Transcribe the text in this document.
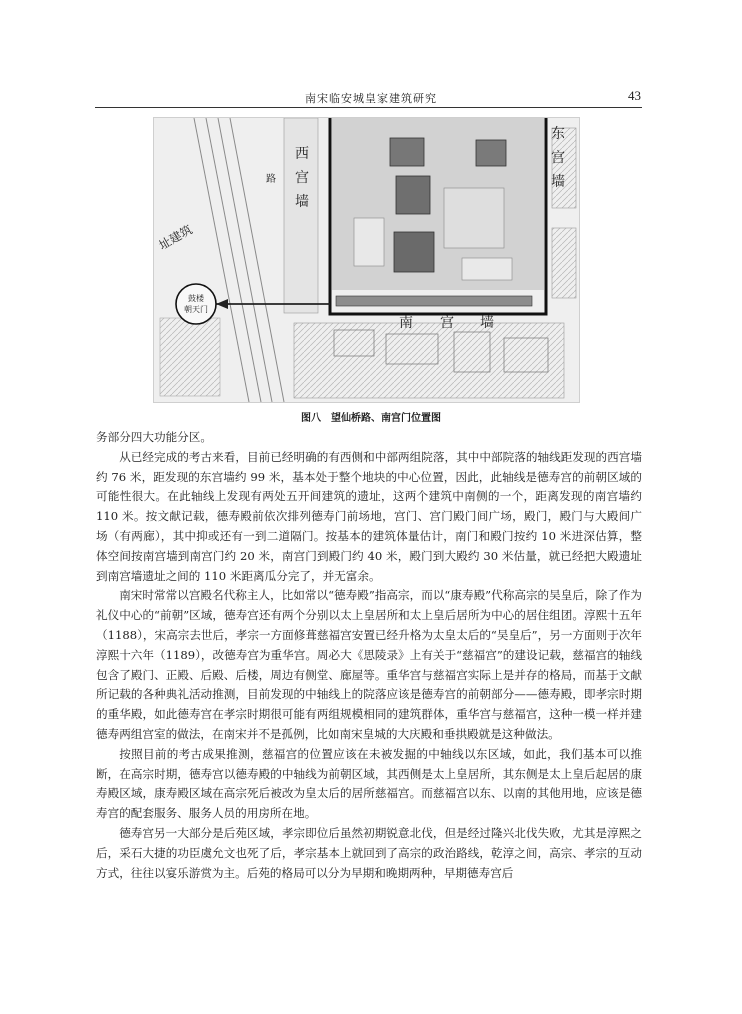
南宋临安城皇家建筑研究	43
鼓楼
朝天门
西
宫
墙
东
宫
墙
南 宫 墙
路
址建筑
图八　望仙桥路、南宫门位置图

务部分四大功能分区。

从已经完成的考古来看，目前已经明确的有西侧和中部两组院落，其中中部院落的轴线距发现的西宫墙约 76 米，距发现的东宫墙约 99 米，基本处于整个地块的中心位置，因此，此轴线是德寿宫的前朝区域的可能性很大。在此轴线上发现有两处五开间建筑的遗址，这两个建筑中南侧的一个，距离发现的南宫墙约 110 米。按文献记载，德寿殿前依次排列德寿门前场地，宫门、宫门殿门间广场，殿门，殿门与大殿间广场（有两廊），其中抑或还有一到二道隔门。按基本的建筑体量估计，南门和殿门按约 10 米进深估算，整体空间按南宫墙到南宫门约 20 米，南宫门到殿门约 40 米，殿门到大殿约 30 米估量，就已经把大殿遗址到南宫墙遗址之间的 110 米距离瓜分完了，并无富余。

南宋时常常以宫殿名代称主人，比如常以“德寿殿”指高宗，而以“康寿殿”代称高宗的吴皇后，除了作为礼仪中心的“前朝”区域，德寿宫还有两个分别以太上皇居所和太上皇后居所为中心的居住组团。淳熙十五年（1188），宋高宗去世后，孝宗一方面修葺慈福宫安置已经升格为太皇太后的“吴皇后”，另一方面则于次年淳熙十六年（1189），改德寿宫为重华宫。周必大《思陵录》上有关于“慈福宫”的建设记载，慈福宫的轴线包含了殿门、正殿、后殿、后楼，周边有侧堂、廊屋等。重华宫与慈福宫实际上是并存的格局，而基于文献所记载的各种典礼活动推测，目前发现的中轴线上的院落应该是德寿宫的前朝部分——德寿殿，即孝宗时期的重华殿，如此德寿宫在孝宗时期很可能有两组规模相同的建筑群体，重华宫与慈福宫，这种一模一样并建德寿两组宫室的做法，在南宋并不是孤例，比如南宋皇城的大庆殿和垂拱殿就是这种做法。

按照目前的考古成果推测，慈福宫的位置应该在未被发掘的中轴线以东区域，如此，我们基本可以推断，在高宗时期，德寿宫以德寿殿的中轴线为前朝区域，其西侧是太上皇居所，其东侧是太上皇后起居的康寿殿区域，康寿殿区域在高宗死后被改为皇太后的居所慈福宫。而慈福宫以东、以南的其他用地，应该是德寿宫的配套服务、服务人员的用房所在地。

德寿宫另一大部分是后苑区域，孝宗即位后虽然初期锐意北伐，但是经过隆兴北伐失败，尤其是淳熙之后，采石大捷的功臣虞允文也死了后，孝宗基本上就回到了高宗的政治路线，乾淳之间，高宗、孝宗的互动方式，往往以宴乐游赏为主。后苑的格局可以分为早期和晚期两种，早期德寿宫后
